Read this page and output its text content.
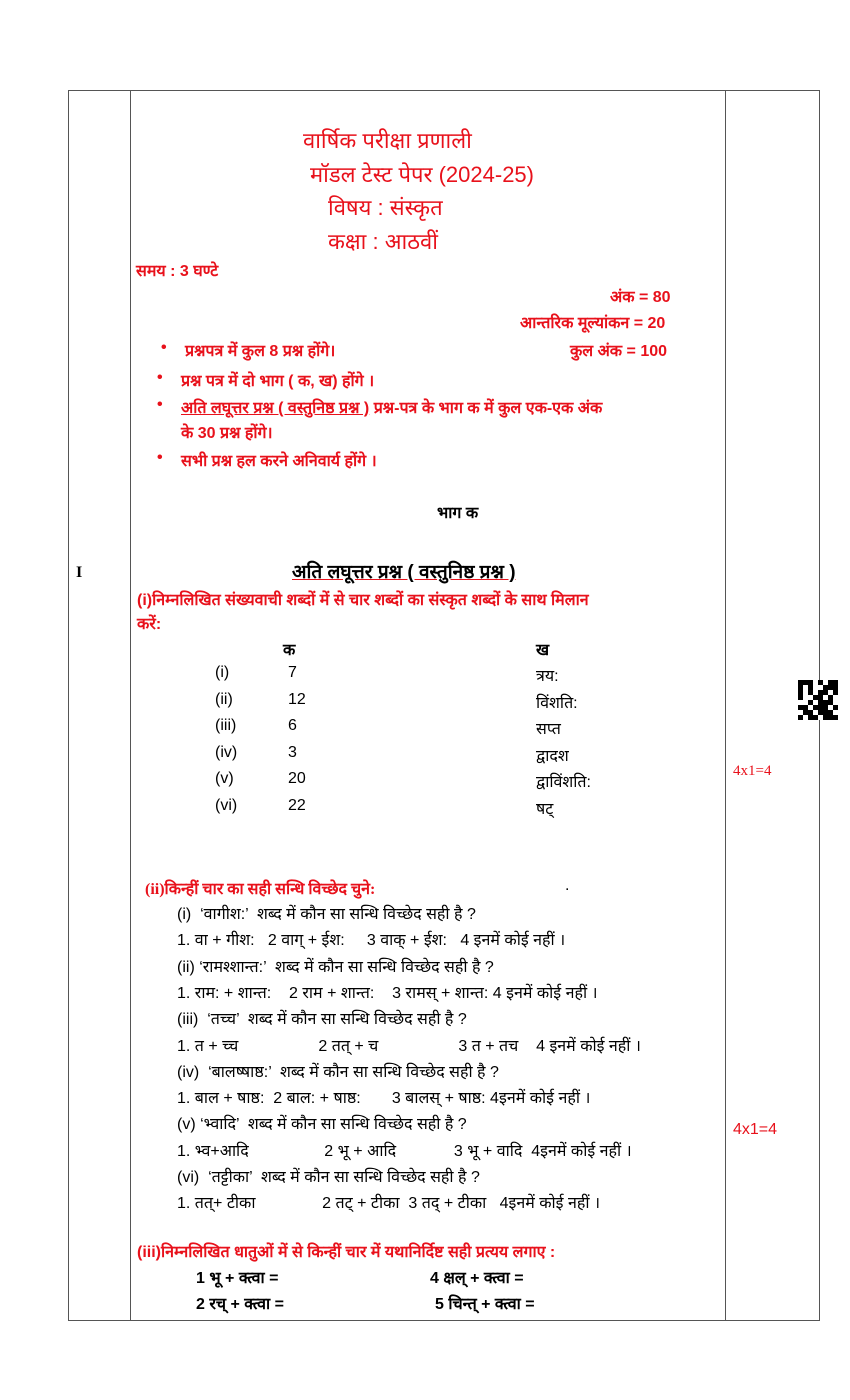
वार्षिक परीक्षा प्रणाली
मॉडल टेस्ट पेपर (2024-25)
विषय : संस्कृत
कक्षा : आठवीं
समय : 3 घण्टे
अंक = 80
आन्तरिक मूल्यांकन = 20
कुल अंक = 100
• प्रश्नपत्र में कुल 8 प्रश्न होंगे।
• प्रश्न पत्र में दो भाग ( क, ख) होंगे ।
• अति लघूत्तर प्रश्न ( वस्तुनिष्ठ प्रश्न ) प्रश्न-पत्र के भाग क में कुल एक-एक अंक
के 30 प्रश्न होंगे।
• सभी प्रश्न हल करने अनिवार्य होंगे ।
भाग क
I	अति लघूत्तर प्रश्न ( वस्तुनिष्ठ प्रश्न )
(i)निम्नलिखित संख्यवाची शब्दों में से चार शब्दों का संस्कृत शब्दों के साथ मिलान
करें:
क	ख
(i)	7	त्रय:
(ii)	12	विंशति:
(iii)	6	सप्त
(iv)	3	द्वादश
(v)	20	द्वाविंशति:
(vi)	22	षट्
4x1=4
(ii)किन्हीं चार का सही सन्धि विच्छेद चुने:	.
(i)  ‘वागीश:’  शब्द में कौन सा सन्धि विच्छेद सही है ?
1. वा + गीश:   2 वाग् + ईश:     3 वाक् + ईश:   4 इनमें कोई नहीं ।
(ii) ‘रामश्शान्त:’  शब्द में कौन सा सन्धि विच्छेद सही है ?
1. राम: + शान्त:    2 राम + शान्त:    3 रामस् + शान्त: 4 इनमें कोई नहीं ।
(iii)  ‘तच्च’  शब्द में कौन सा सन्धि विच्छेद सही है ?
1. त + च्च                  2 तत् + च                  3 त + तच    4 इनमें कोई नहीं ।
(iv)  ‘बालष्षाष्ठ:’  शब्द में कौन सा सन्धि विच्छेद सही है ?
1. बाल + षाष्ठ:  2 बाल: + षाष्ठ:       3 बालस् + षाष्ठ: 4इनमें कोई नहीं ।
(v) ‘भ्वादि’  शब्द में कौन सा सन्धि विच्छेद सही है ?
1. भ्व+आदि                 2 भू + आदि             3 भू + वादि  4इनमें कोई नहीं ।
(vi)  ‘तट्टीका’  शब्द में कौन सा सन्धि विच्छेद सही है ?
1. तत्+ टीका               2 तट् + टीका  3 तद् + टीका   4इनमें कोई नहीं ।
4x1=4
(iii)निम्नलिखित धातुओं में से किन्हीं चार में यथानिर्दिष्ट सही प्रत्यय लगाए :
1 भू + क्त्वा =	4 क्षल् + क्त्वा =
2 रच् + क्त्वा =	5 चिन्त् + क्त्वा =
